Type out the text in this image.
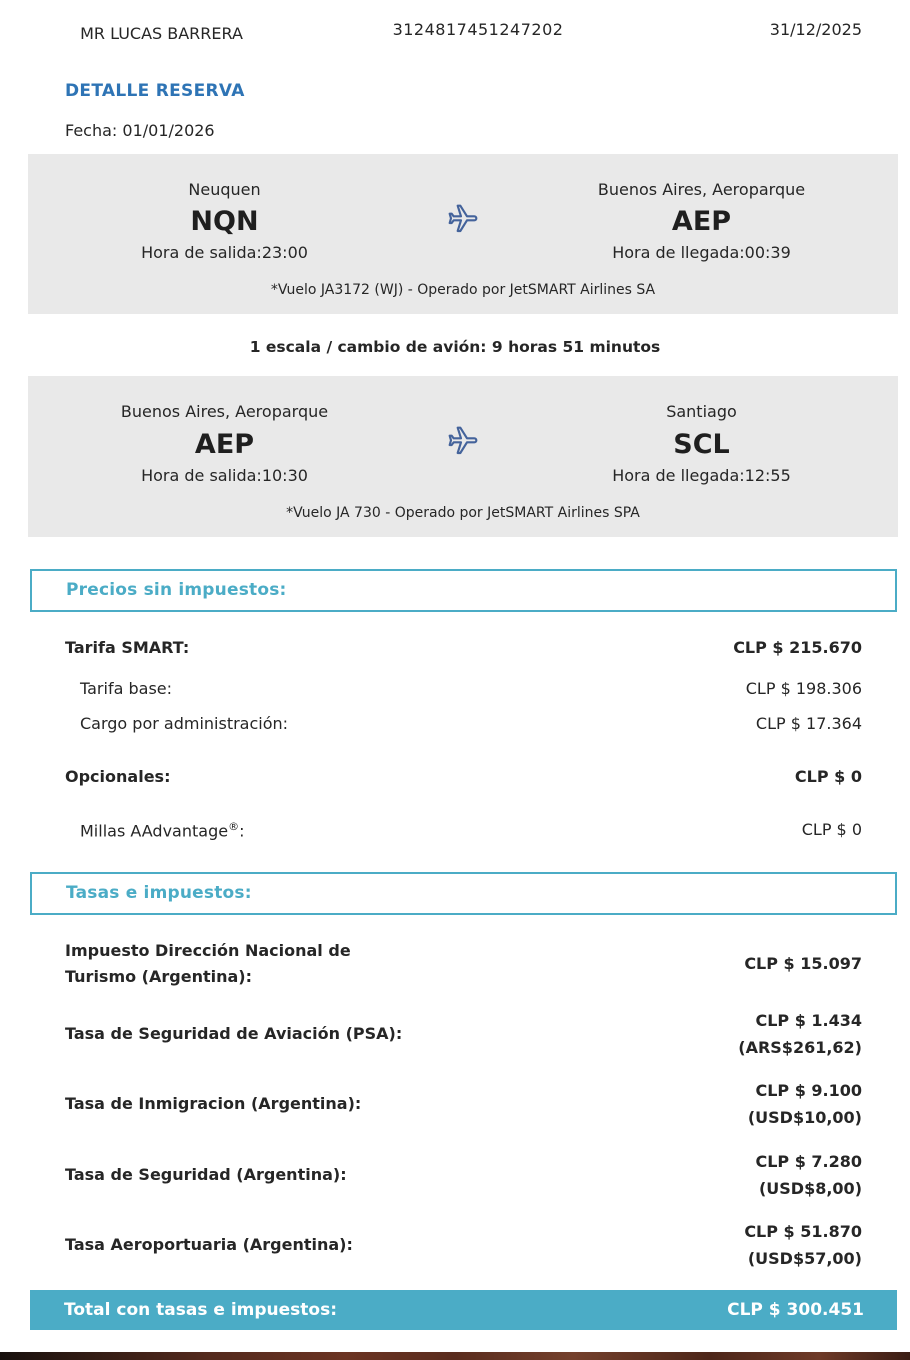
MR LUCAS BARRERA	3124817451247202	31/12/2025
DETALLE RESERVA
Fecha: 01/01/2026
Neuquen
NQN
Hora de salida:23:00
Buenos Aires, Aeroparque
AEP
Hora de llegada:00:39
*Vuelo JA3172 (WJ) - Operado por JetSMART Airlines SA
1 escala / cambio de avión: 9 horas 51 minutos
Buenos Aires, Aeroparque
AEP
Hora de salida:10:30
Santiago
SCL
Hora de llegada:12:55
*Vuelo JA 730 - Operado por JetSMART Airlines SPA
Precios sin impuestos:
Tarifa SMART:	CLP $ 215.670
Tarifa base:	CLP $ 198.306
Cargo por administración:	CLP $ 17.364
Opcionales:	CLP $ 0
Millas AAdvantage®:	CLP $ 0
Tasas e impuestos:
Impuesto Dirección Nacional de Turismo (Argentina):
CLP $ 15.097
Tasa de Seguridad de Aviación (PSA):
CLP $ 1.434
(ARS$261,62)
Tasa de Inmigracion (Argentina):
CLP $ 9.100
(USD$10,00)
Tasa de Seguridad (Argentina):
CLP $ 7.280
(USD$8,00)
Tasa Aeroportuaria (Argentina):
CLP $ 51.870
(USD$57,00)
Total con tasas e impuestos:	CLP $ 300.451
